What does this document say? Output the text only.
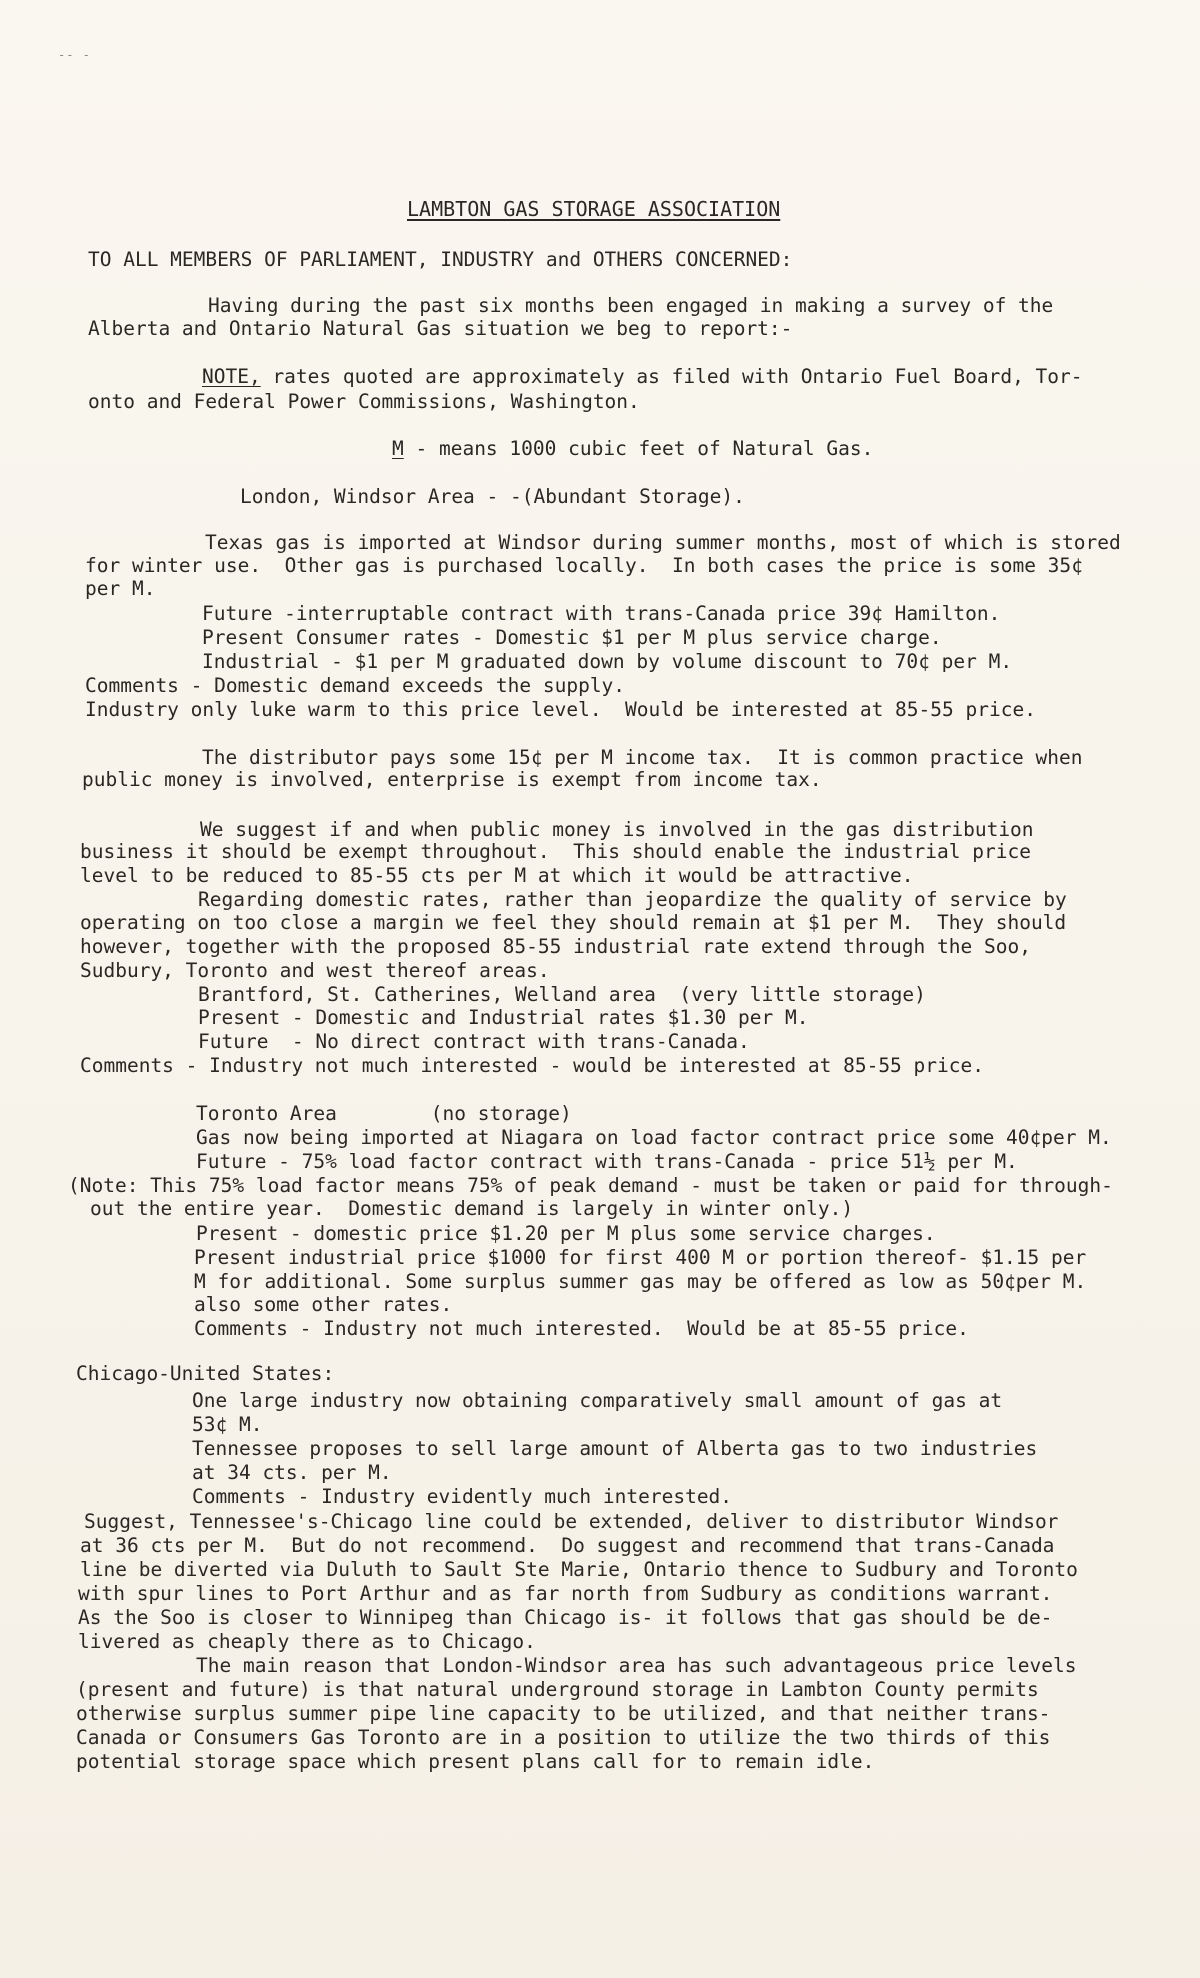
-- -
LAMBTON GAS STORAGE ASSOCIATION
TO ALL MEMBERS OF PARLIAMENT, INDUSTRY and OTHERS CONCERNED:
Having during the past six months been engaged in making a survey of the
Alberta and Ontario Natural Gas situation we beg to report:-
NOTE, rates quoted are approximately as filed with Ontario Fuel Board, Tor-
onto and Federal Power Commissions, Washington.
M - means 1000 cubic feet of Natural Gas.
London, Windsor Area - -(Abundant Storage).
Texas gas is imported at Windsor during summer months, most of which is stored
for winter use.  Other gas is purchased locally.  In both cases the price is some 35¢
per M.
Future -interruptable contract with trans-Canada price 39¢ Hamilton.
Present Consumer rates - Domestic $1 per M plus service charge.
Industrial - $1 per M graduated down by volume discount to 70¢ per M.
Comments - Domestic demand exceeds the supply.
Industry only luke warm to this price level.  Would be interested at 85-55 price.
The distributor pays some 15¢ per M income tax.  It is common practice when
public money is involved, enterprise is exempt from income tax.
We suggest if and when public money is involved in the gas distribution
business it should be exempt throughout.  This should enable the industrial price
level to be reduced to 85-55 cts per M at which it would be attractive.
Regarding domestic rates, rather than jeopardize the quality of service by
operating on too close a margin we feel they should remain at $1 per M.  They should
however, together with the proposed 85-55 industrial rate extend through the Soo,
Sudbury, Toronto and west thereof areas.
Brantford, St. Catherines, Welland area  (very little storage)
Present - Domestic and Industrial rates $1.30 per M.
Future  - No direct contract with trans-Canada.
Comments - Industry not much interested - would be interested at 85-55 price.
Toronto Area        (no storage)
Gas now being imported at Niagara on load factor contract price some 40¢per M.
Future - 75% load factor contract with trans-Canada - price 51½ per M.
(Note: This 75% load factor means 75% of peak demand - must be taken or paid for through-
out the entire year.  Domestic demand is largely in winter only.)
Present - domestic price $1.20 per M plus some service charges.
Present industrial price $1000 for first 400 M or portion thereof- $1.15 per
M for additional. Some surplus summer gas may be offered as low as 50¢per M.
also some other rates.
Comments - Industry not much interested.  Would be at 85-55 price.
Chicago-United States:
One large industry now obtaining comparatively small amount of gas at
53¢ M.
Tennessee proposes to sell large amount of Alberta gas to two industries
at 34 cts. per M.
Comments - Industry evidently much interested.
Suggest, Tennessee's-Chicago line could be extended, deliver to distributor Windsor
at 36 cts per M.  But do not recommend.  Do suggest and recommend that trans-Canada
line be diverted via Duluth to Sault Ste Marie, Ontario thence to Sudbury and Toronto
with spur lines to Port Arthur and as far north from Sudbury as conditions warrant.
As the Soo is closer to Winnipeg than Chicago is- it follows that gas should be de-
livered as cheaply there as to Chicago.
The main reason that London-Windsor area has such advantageous price levels
(present and future) is that natural underground storage in Lambton County permits
otherwise surplus summer pipe line capacity to be utilized, and that neither trans-
Canada or Consumers Gas Toronto are in a position to utilize the two thirds of this
potential storage space which present plans call for to remain idle.
